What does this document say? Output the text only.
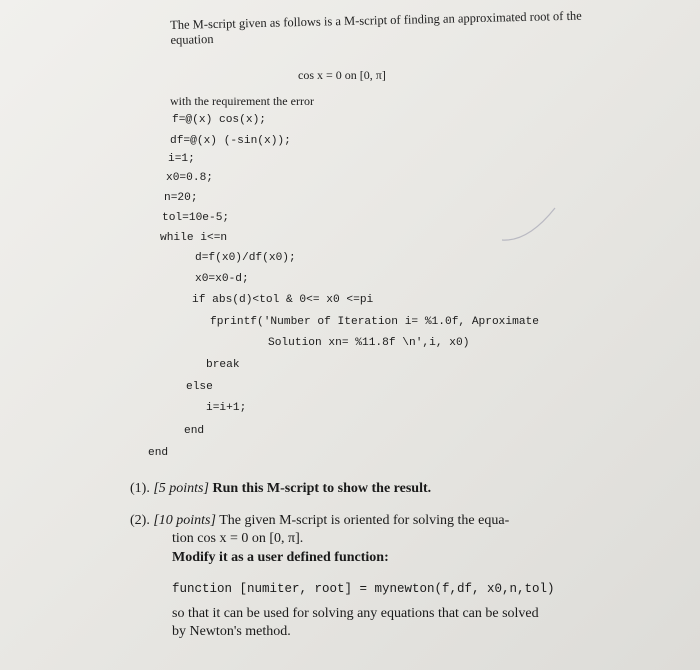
The M-script given as follows is a M-script of finding an approximated root of the equation
cos x = 0 on [0, π]
with the requirement the error
f=@(x) cos(x);
df=@(x) (-sin(x));
i=1;
x0=0.8;
n=20;
tol=10e-5;
while i<=n
d=f(x0)/df(x0);
x0=x0-d;
if abs(d)<tol & 0<= x0 <=pi
fprintf('Number of Iteration i= %1.0f, Aproximate
Solution xn= %11.8f \n',i, x0)
break
else
i=i+1;
end
end
(1). [5 points] Run this M-script to show the result.
(2). [10 points] The given M-script is oriented for solving the equa-
tion cos x = 0 on [0, π].
Modify it as a user defined function:
function [numiter, root] = mynewton(f,df, x0,n,tol)
so that it can be used for solving any equations that can be solved
by Newton's method.
